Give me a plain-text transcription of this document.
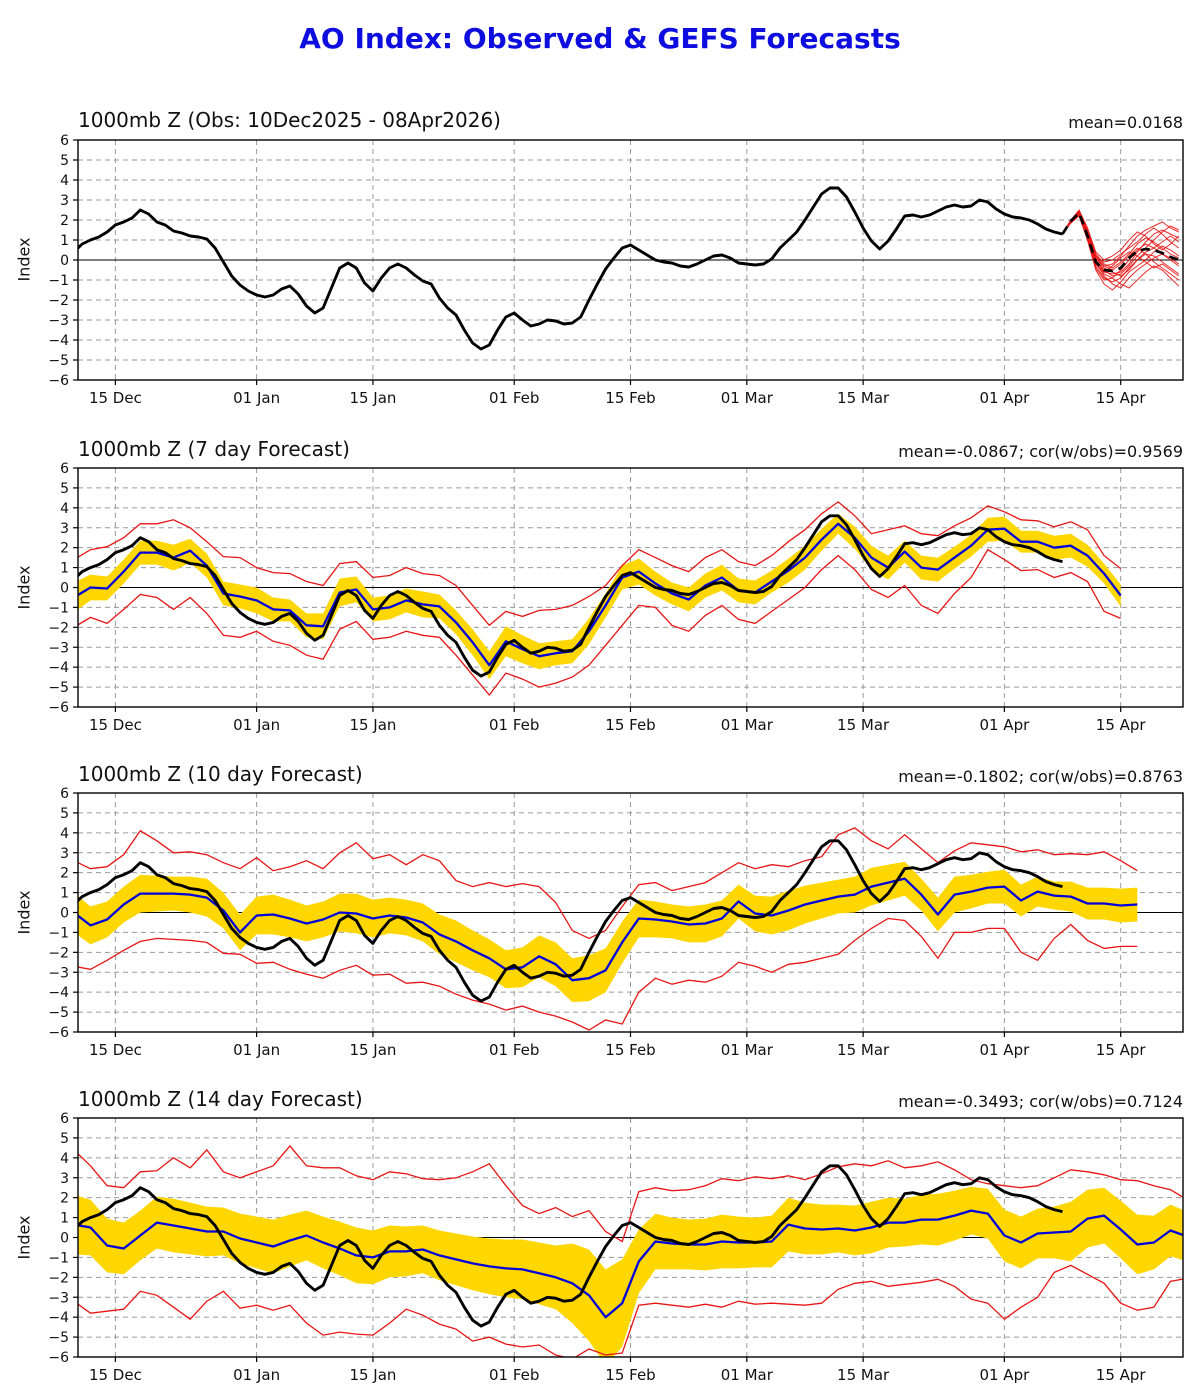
AO Index: Observed & GEFS Forecasts
1000mb Z (Obs: 10Dec2025 - 08Apr2026)	mean=0.0168
1000mb Z (7 day Forecast)	mean=-0.0867; cor(w/obs)=0.9569
1000mb Z (10 day Forecast)	mean=-0.1802; cor(w/obs)=0.8763
1000mb Z (14 day Forecast)	mean=-0.3493; cor(w/obs)=0.7124
Index
Index
Index
Index
−6
−5
−4
−3
−2
−1
0
1
2
3
4
5
6
15 Dec	01 Jan	15 Jan	01 Feb	15 Feb	01 Mar	15 Mar	01 Apr	15 Apr
−6
−5
−4
−3
−2
−1
0
1
2
3
4
5
6
15 Dec	01 Jan	15 Jan	01 Feb	15 Feb	01 Mar	15 Mar	01 Apr	15 Apr
−6
−5
−4
−3
−2
−1
0
1
2
3
4
5
6
15 Dec	01 Jan	15 Jan	01 Feb	15 Feb	01 Mar	15 Mar	01 Apr	15 Apr
−6
−5
−4
−3
−2
−1
0
1
2
3
4
5
6
15 Dec	01 Jan	15 Jan	01 Feb	15 Feb	01 Mar	15 Mar	01 Apr	15 Apr
